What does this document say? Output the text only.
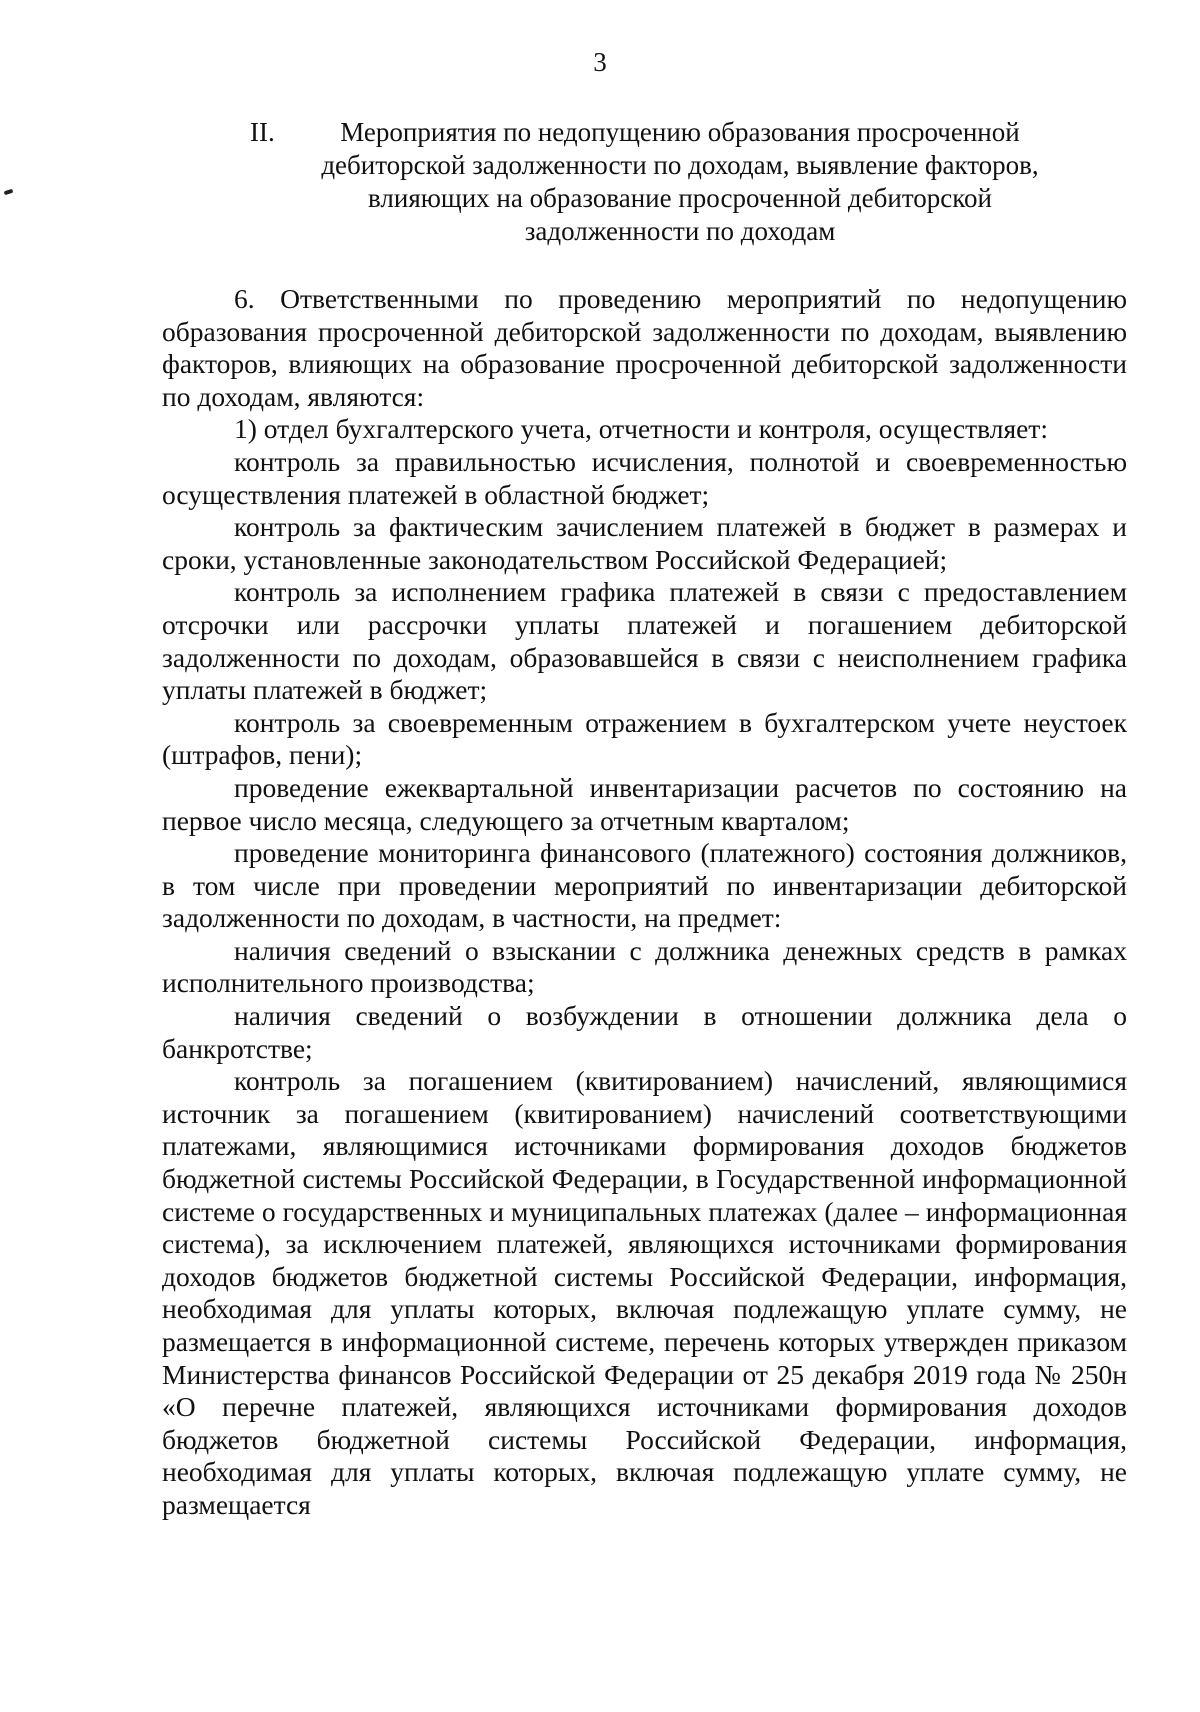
3
II.	Мероприятия по недопущению образования просроченной дебиторской задолженности по доходам, выявление факторов, влияющих на образование просроченной дебиторской задолженности по доходам

6. Ответственными по проведению мероприятий по недопущению образования просроченной дебиторской задолженности по доходам, выявлению факторов, влияющих на образование просроченной дебиторской задолженности по доходам, являются:

1) отдел бухгалтерского учета, отчетности и контроля, осуществляет:

контроль за правильностью исчисления, полнотой и своевременностью осуществления платежей в областной бюджет;

контроль за фактическим зачислением платежей в бюджет в размерах и сроки, установленные законодательством Российской Федерацией;

контроль за исполнением графика платежей в связи с предоставлением отсрочки или рассрочки уплаты платежей и погашением дебиторской задолженности по доходам, образовавшейся в связи с неисполнением графика уплаты платежей в бюджет;

контроль за своевременным отражением в бухгалтерском учете неустоек (штрафов, пени);

проведение ежеквартальной инвентаризации расчетов по состоянию на первое число месяца, следующего за отчетным кварталом;

проведение мониторинга финансового (платежного) состояния должников, в том числе при проведении мероприятий по инвентаризации дебиторской задолженности по доходам, в частности, на предмет:

наличия сведений о взыскании с должника денежных средств в рамках исполнительного производства;

наличия сведений о возбуждении в отношении должника дела о банкротстве;

контроль за погашением (квитированием) начислений, являющимися источник за погашением (квитированием) начислений соответствующими платежами, являющимися источниками формирования доходов бюджетов бюджетной системы Российской Федерации, в Государственной информационной системе о государственных и муниципальных платежах (далее – информационная система), за исключением платежей, являющихся источниками формирования доходов бюджетов бюджетной системы Российской Федерации, информация, необходимая для уплаты которых, включая подлежащую уплате сумму, не размещается в информационной системе, перечень которых утвержден приказом Министерства финансов Российской Федерации от 25 декабря 2019 года № 250н «О перечне платежей, являющихся источниками формирования доходов бюджетов бюджетной системы Российской Федерации, информация, необходимая для уплаты которых, включая подлежащую уплате сумму, не размещается
